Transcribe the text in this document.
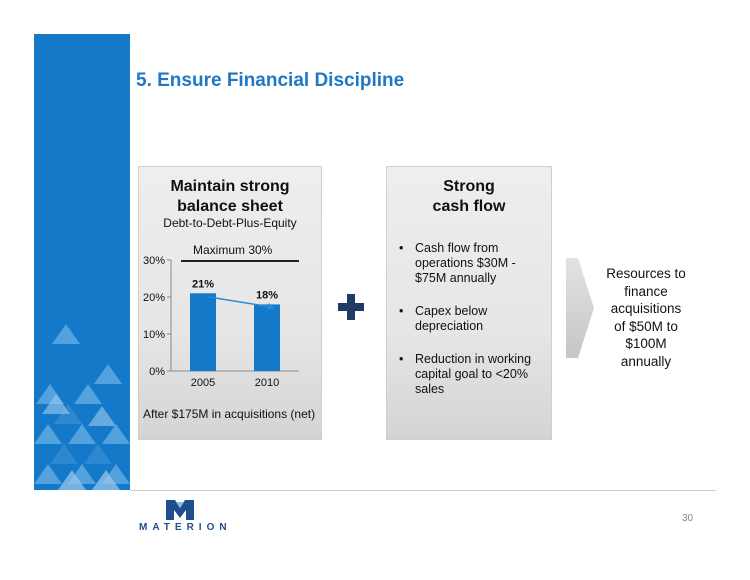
5. Ensure Financial Discipline
Maintain strong
balance sheet
Debt-to-Debt-Plus-Equity
Maximum 30%
0%
10%
20%
30%
21%
2005
18%
2010
After $175M in acquisitions (net)
Strong
cash flow
• Cash flow from
operations $30M -
$75M annually
• Capex below
depreciation
• Reduction in working
capital goal to <20%
sales
Resources to
finance
acquisitions
of $50M to
$100M
annually
MATERION
30
